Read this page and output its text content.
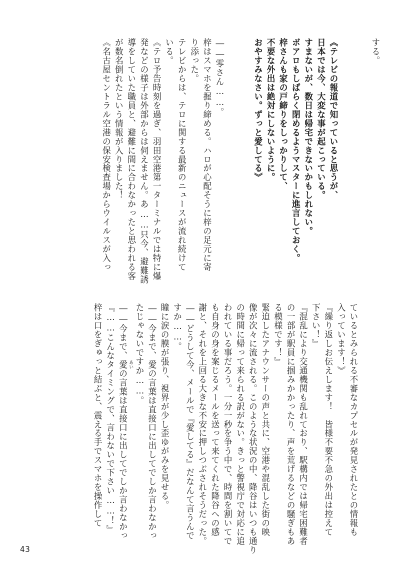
する。
《テレビの報道で知っていると思うが、
日本では今、大変な事が起こっている。
すまないが、数日は帰宅できないかもしれない。
ボアロもしばらく閉めるようマスターに進言しておく。
梓さんも家の戸締りをしっかりして、
不要な外出は絶対にしないように。
おやすみなさい。ずっと愛してる》
――零さん……。
梓はスマホを握り締める。ハロが心配そうに梓の足元に寄
り添った。
テレビからは、テロに関する最新のニュースが流れ続けて
いる。
《テロ予告時刻を過ぎ、羽田空港第一ターミナルでは特に爆
発などの様子は外部からは伺えません。あ……只今、避難誘
導をしていた職員と、避難に間に合わなかったと思われる客
が数名倒れたという情報が入りました！
《名古屋セントラル空港の保安検査場からウイルスが入っ
ているとみられる不審なカプセルが発見されたとの情報も
入っています！》
『繰り返しお伝えします！　皆様不要不急の外出は控えて
下さい！』
『混乱により交通機関も乱れており、駅構内では帰宅困難者
の一部が駅員に掴みかかったり、声を荒げるなどの騒ぎもあ
る模様です！』
緊迫したアナウンサーの声と共に、空港や混乱した街の映
像が次々に流される。このような状況の中、降谷はいつも通り
の時間に帰って来られる訳がない。きっと警視庁で対応に追
われている事だろう。一分一秒を争う中で、時間を割いてで
も自身の身を案じるメールを送って来てくれた降谷への感
謝と、それを上回る大きな不安に押しつぶされそうだった。
――どうして今、メールで『愛してる』だなんて言うんで
すか……。
瞳に涙の膜が張り、視界が少し歪ゆがみを見せる。
――今まで、愛の言葉は直接口に出してでしか言わなかっ
たじゃないですか……。
――今まで、愛 あいの言葉は直接口に出してでしか言わなかっ
『……こんなタイミングで、言わないで下さい……！』
梓は口をぎゅっと結ぶと、震える手でスマホを操作して
43
